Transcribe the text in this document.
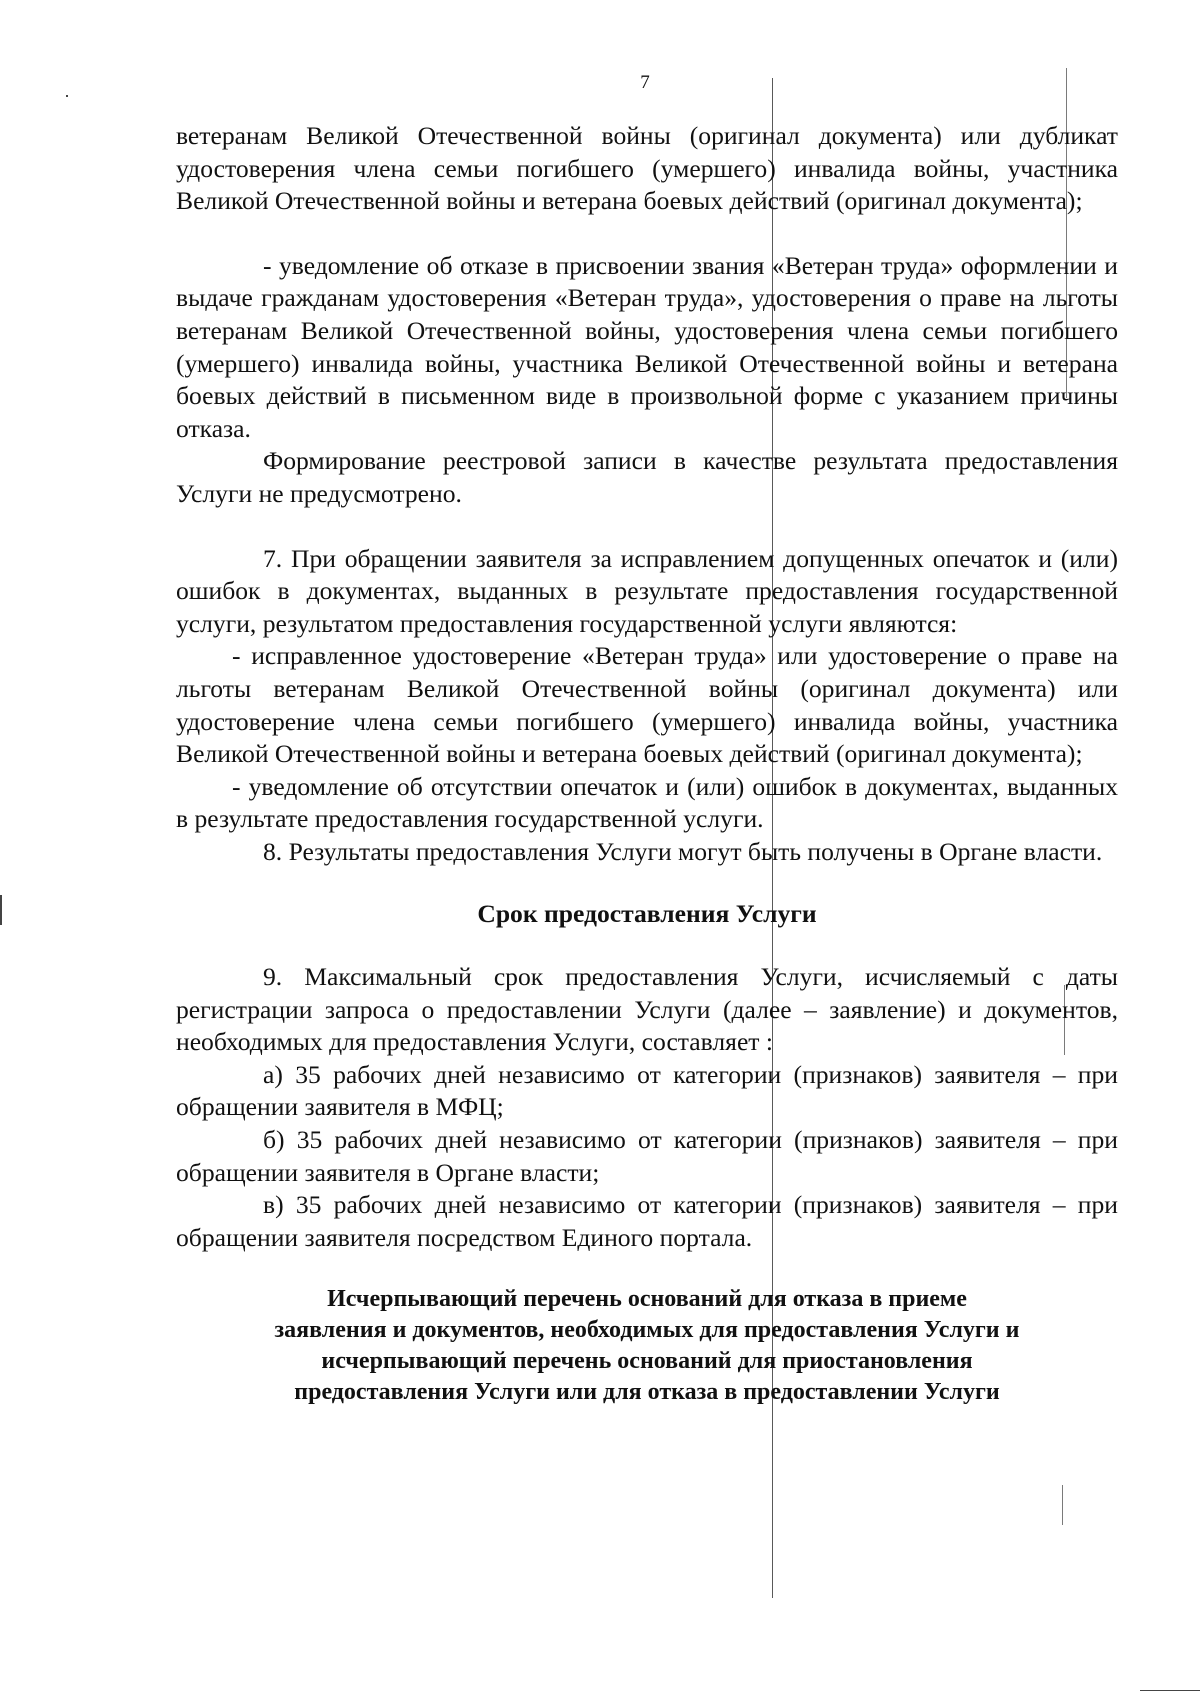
7

ветеранам Великой Отечественной войны (оригинал документа) или дубликат удостоверения члена семьи погибшего (умершего) инвалида войны, участника Великой Отечественной войны и ветерана боевых действий (оригинал документа);

- уведомление об отказе в присвоении звания «Ветеран труда» оформлении и выдаче гражданам удостоверения «Ветеран труда», удостоверения о праве на льготы ветеранам Великой Отечественной войны, удостоверения члена семьи погибшего (умершего) инвалида войны, участника Великой Отечественной войны и ветерана боевых действий в письменном виде в произвольной форме с указанием причины отказа.

Формирование реестровой записи в качестве результата предоставления Услуги не предусмотрено.

7. При обращении заявителя за исправлением допущенных опечаток и (или) ошибок в документах, выданных в результате предоставления государственной услуги, результатом предоставления государственной услуги являются:

- исправленное удостоверение «Ветеран труда» или удостоверение о праве на льготы ветеранам Великой Отечественной войны (оригинал документа) или удостоверение члена семьи погибшего (умершего) инвалида войны, участника Великой Отечественной войны и ветерана боевых действий (оригинал документа);

- уведомление об отсутствии опечаток и (или) ошибок в документах, выданных в результате предоставления государственной услуги.

8. Результаты предоставления Услуги могут быть получены в Органе власти.

Срок предоставления Услуги

9. Максимальный срок предоставления Услуги, исчисляемый с даты регистрации запроса о предоставлении Услуги (далее – заявление) и документов, необходимых для предоставления Услуги, составляет :

а) 35 рабочих дней независимо от категории (признаков) заявителя – при обращении заявителя в МФЦ;

б) 35 рабочих дней независимо от категории (признаков) заявителя – при обращении заявителя в Органе власти;

в) 35 рабочих дней независимо от категории (признаков) заявителя – при обращении заявителя посредством Единого портала.

Исчерпывающий перечень оснований для отказа в приеме
заявления и документов, необходимых для предоставления Услуги и
исчерпывающий перечень оснований для приостановления
предоставления Услуги или для отказа в предоставлении Услуги
